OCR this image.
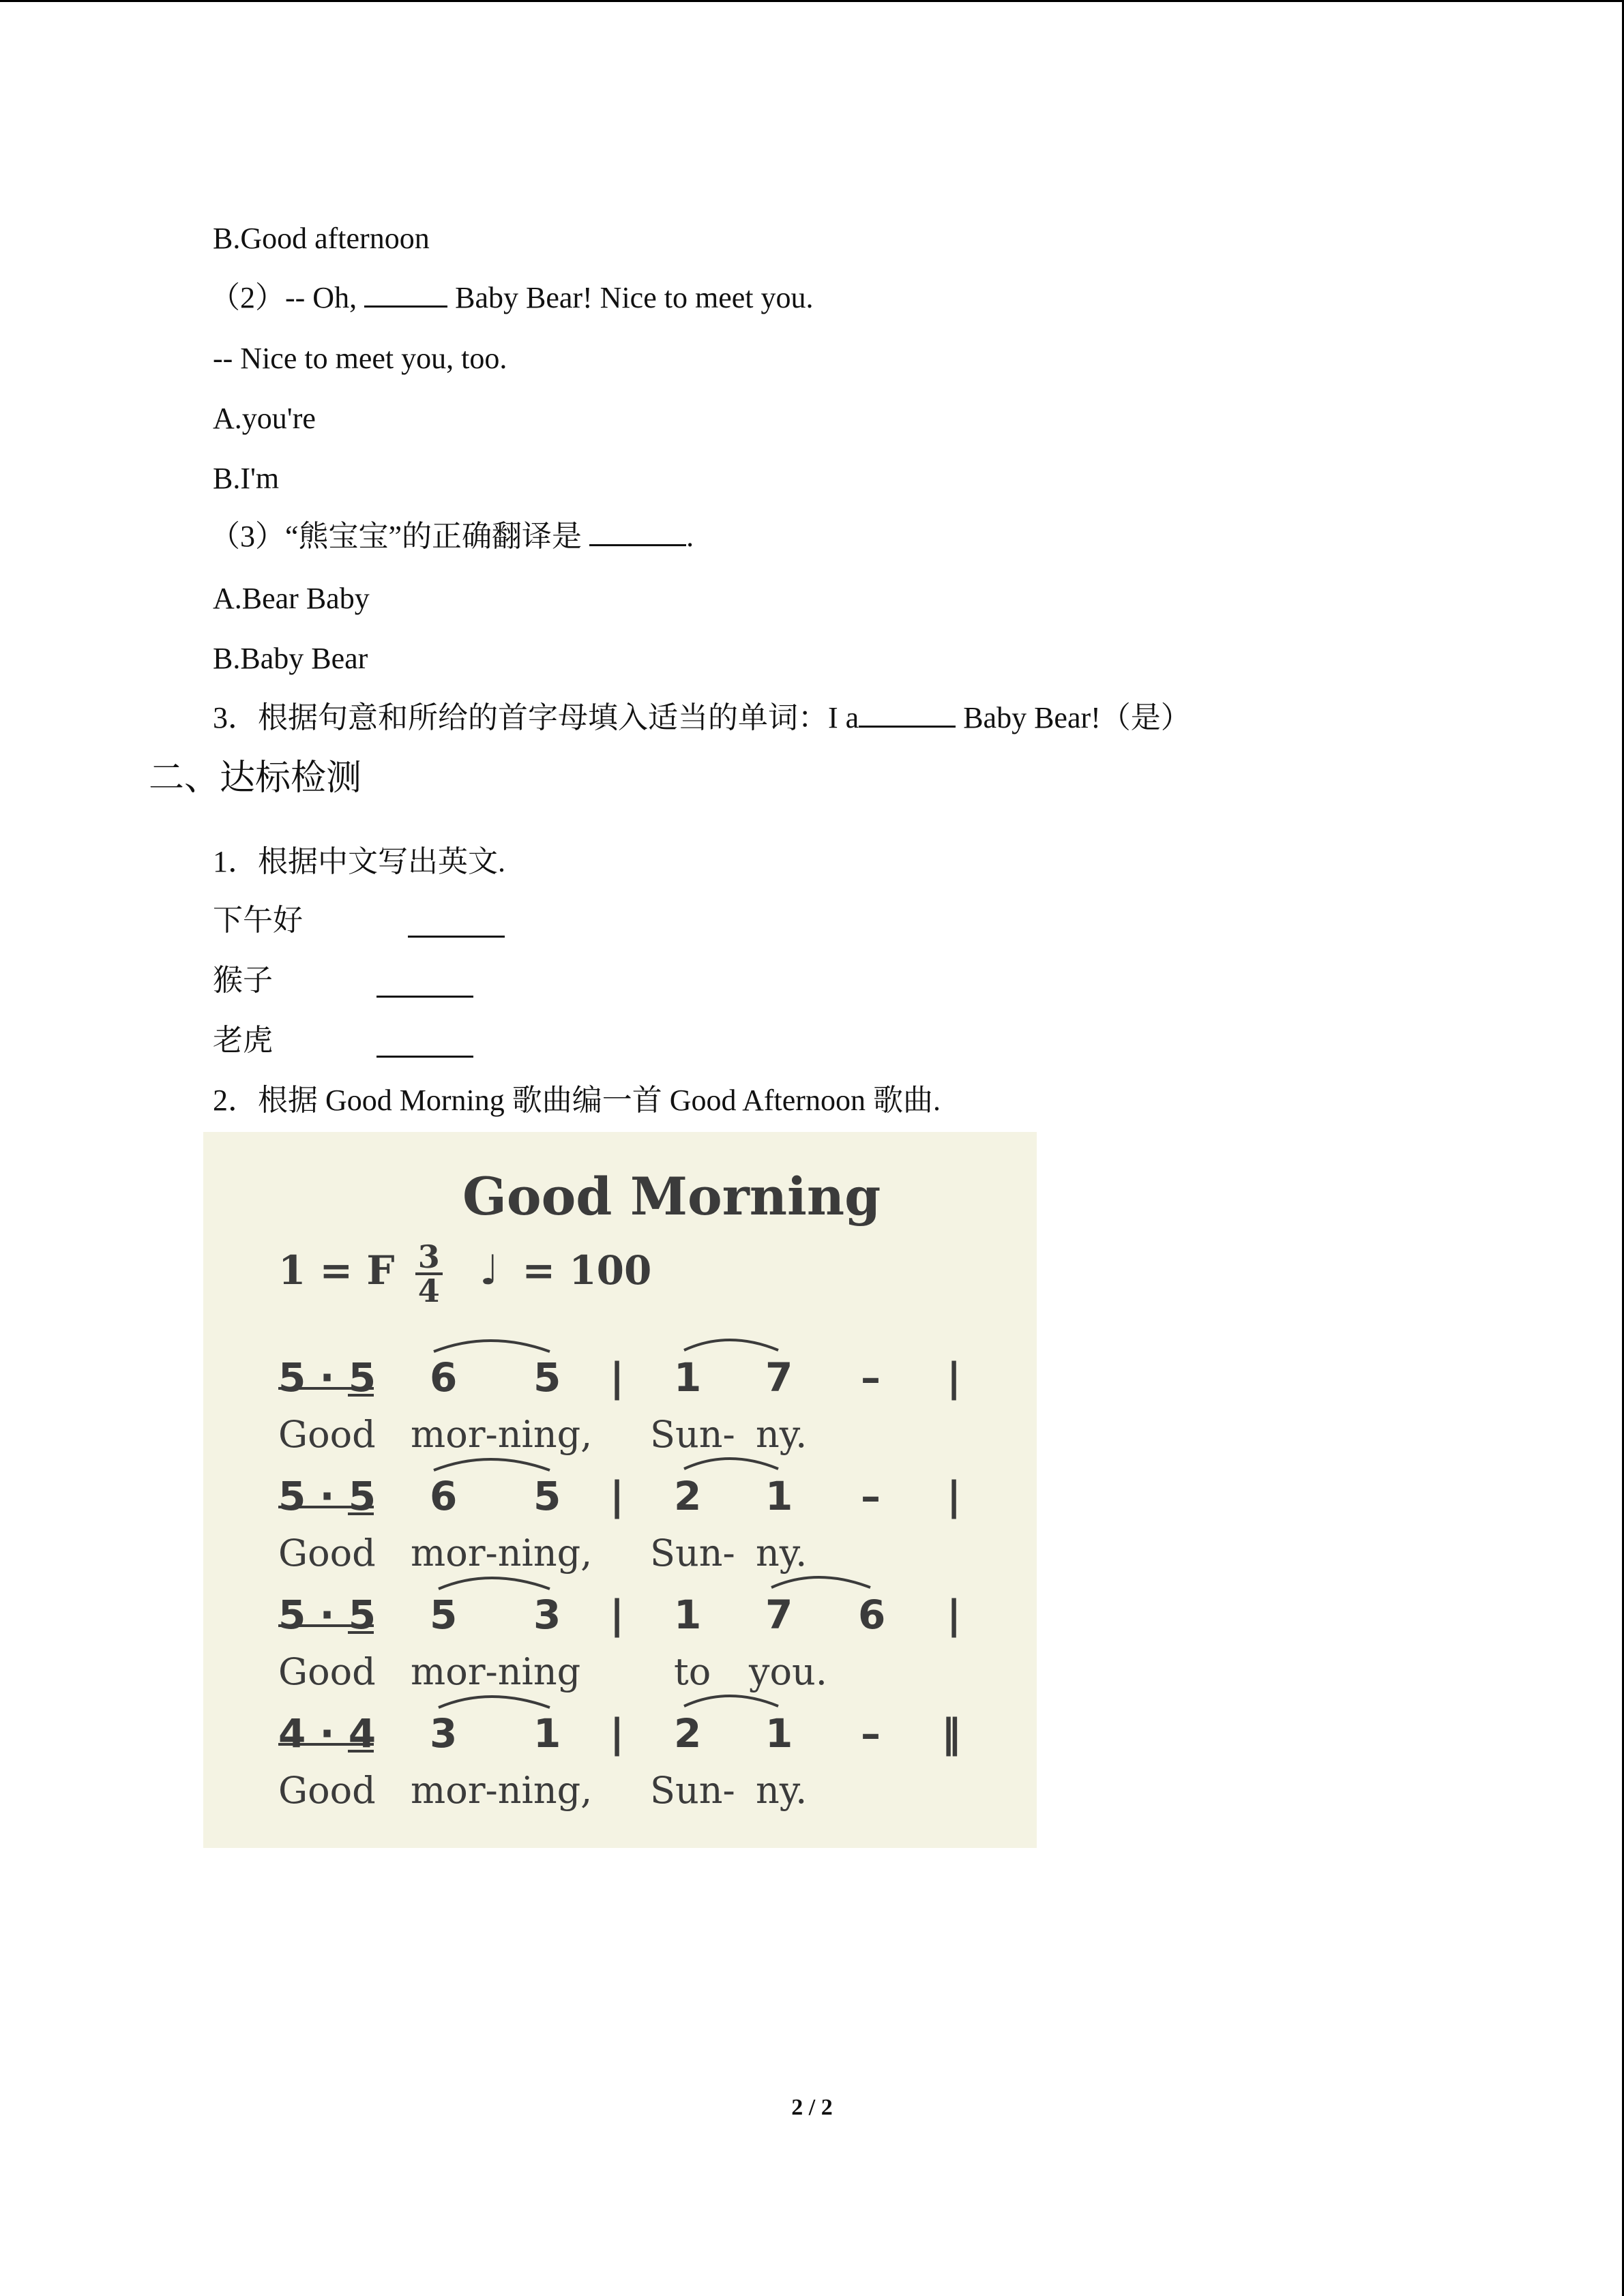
B.Good afternoon
（2）-- Oh,	Baby Bear! Nice to meet you.
-- Nice to meet you, too.
A.you're
B.I'm
（3）“熊宝宝”的正确翻译是	.
A.Bear Baby
B.Baby Bear
3．根据句意和所给的首字母填入适当的单词：I a	Baby Bear!（是）
二、达标检测
1．根据中文写出英文.
下午好
猴子
老虎
2．根据 Good Morning 歌曲编一首 Good Afternoon 歌曲.
Good Morning
1 = F $\frac{3}{4}$ ♩ = 100
5 · 5 6 5 | 1 7 – |
Good mor-ning, Sun- ny.
5 · 5 6 5 | 2 1 – |
Good mor-ning, Sun- ny.
5 · 5 5 3 | 1 7 6 |
Good mor-ning	to you.
4 · 4 3 1 | 2 1 – ‖
Good mor-ning, Sun- ny.
2 / 2
